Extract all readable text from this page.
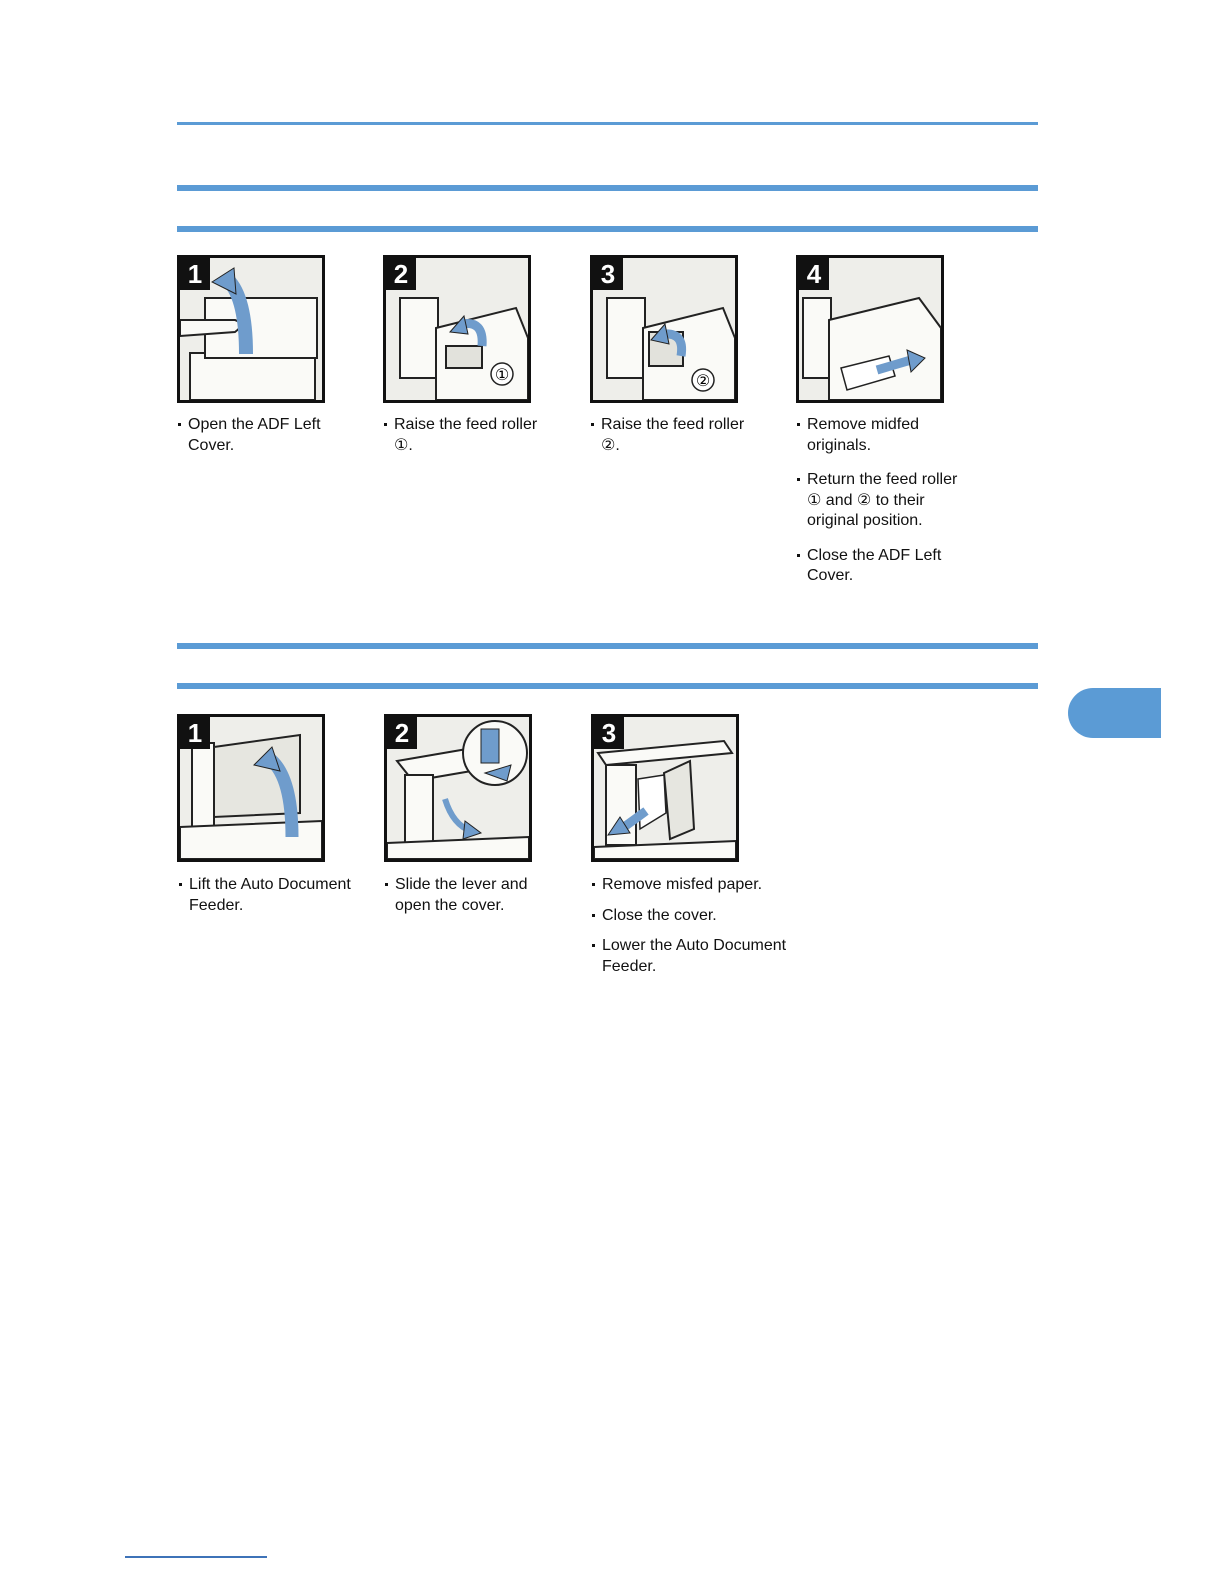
1
Open the ADF Left Cover.
2
①
Raise the feed roller ①.
3
②
Raise the feed roller ②.
4
Remove midfed originals.
Return the feed roller ① and ② to their original position.
Close the ADF Left Cover.
1
Lift the Auto Document Feeder.
2
Slide the lever and open the cover.
3
Remove misfed paper.
Close the cover.
Lower the Auto Document Feeder.
